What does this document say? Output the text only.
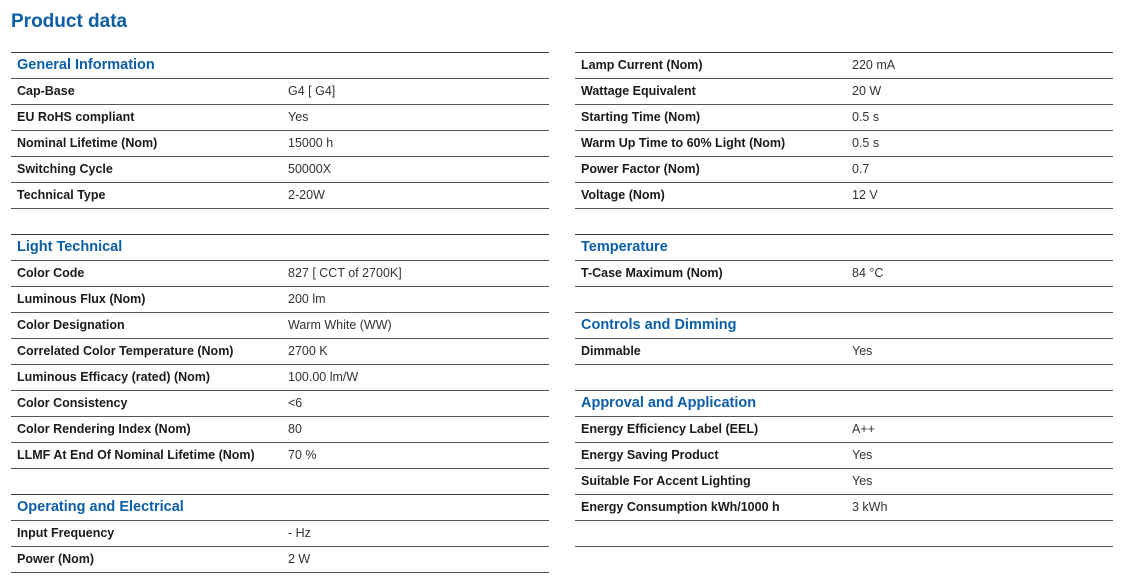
Product data
General Information
Cap-Base	G4 [ G4]
EU RoHS compliant	Yes
Nominal Lifetime (Nom)	15000 h
Switching Cycle	50000X
Technical Type	2-20W
Light Technical
Color Code	827 [ CCT of 2700K]
Luminous Flux (Nom)	200 lm
Color Designation	Warm White (WW)
Correlated Color Temperature (Nom)	2700 K
Luminous Efficacy (rated) (Nom)	100.00 lm/W
Color Consistency	<6
Color Rendering Index (Nom)	80
LLMF At End Of Nominal Lifetime (Nom)	70 %
Operating and Electrical
Input Frequency	- Hz
Power (Nom)	2 W
Lamp Current (Nom)	220 mA
Wattage Equivalent	20 W
Starting Time (Nom)	0.5 s
Warm Up Time to 60% Light (Nom)	0.5 s
Power Factor (Nom)	0.7
Voltage (Nom)	12 V
Temperature
T-Case Maximum (Nom)	84 °C
Controls and Dimming
Dimmable	Yes
Approval and Application
Energy Efficiency Label (EEL)	A++
Energy Saving Product	Yes
Suitable For Accent Lighting	Yes
Energy Consumption kWh/1000 h	3 kWh
